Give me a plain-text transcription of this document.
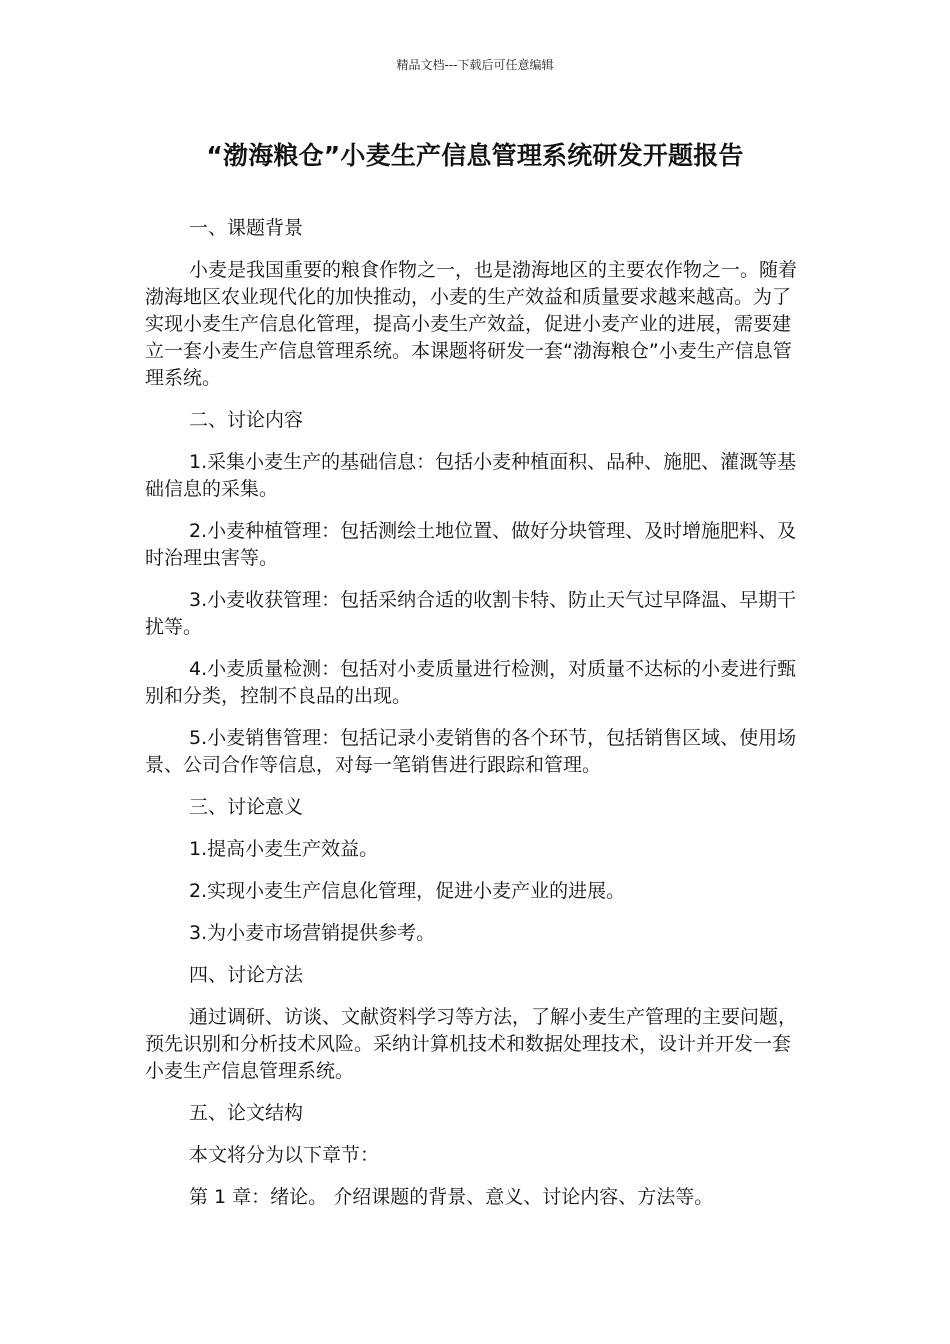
精品文档---下载后可任意编辑
“渤海粮仓”小麦生产信息管理系统研发开题报告

一、课题背景

小麦是我国重要的粮食作物之一，也是渤海地区的主要农作物之一。随着渤海地区农业现代化的加快推动，小麦的生产效益和质量要求越来越高。为了实现小麦生产信息化管理，提高小麦生产效益，促进小麦产业的进展，需要建立一套小麦生产信息管理系统。本课题将研发一套“渤海粮仓”小麦生产信息管理系统。

二、讨论内容

1.采集小麦生产的基础信息：包括小麦种植面积、品种、施肥、灌溉等基础信息的采集。

2.小麦种植管理：包括测绘土地位置、做好分块管理、及时增施肥料、及时治理虫害等。

3.小麦收获管理：包括采纳合适的收割卡特、防止天气过早降温、早期干扰等。

4.小麦质量检测：包括对小麦质量进行检测，对质量不达标的小麦进行甄别和分类，控制不良品的出现。

5.小麦销售管理：包括记录小麦销售的各个环节，包括销售区域、使用场景、公司合作等信息，对每一笔销售进行跟踪和管理。

三、讨论意义

1.提高小麦生产效益。

2.实现小麦生产信息化管理，促进小麦产业的进展。

3.为小麦市场营销提供参考。

四、讨论方法

通过调研、访谈、文献资料学习等方法，了解小麦生产管理的主要问题，预先识别和分析技术风险。采纳计算机技术和数据处理技术，设计并开发一套小麦生产信息管理系统。

五、论文结构

本文将分为以下章节：

第 1 章：绪论。 介绍课题的背景、意义、讨论内容、方法等。
